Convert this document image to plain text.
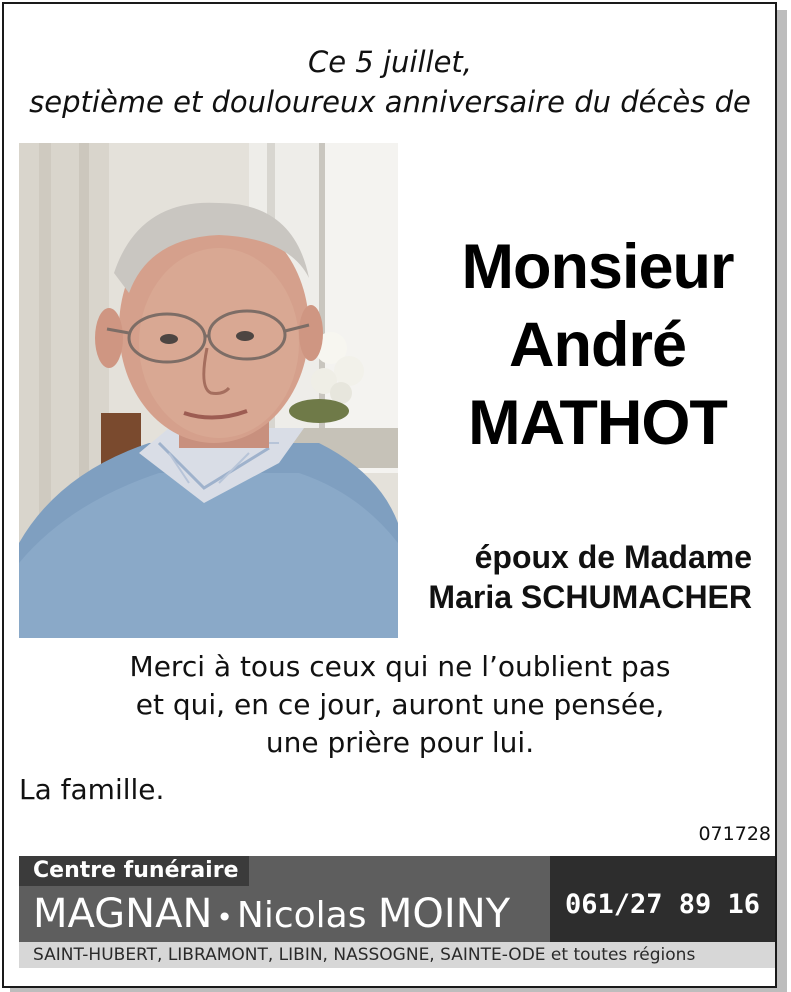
Ce 5 juillet,
septième et douloureux anniversaire du décès de
Monsieur
André
MATHOT
époux de Madame
Maria SCHUMACHER
Merci à tous ceux qui ne l’oublient pas
et qui, en ce jour, auront une pensée,
une prière pour lui.
La famille.
071728
Centre funéraire
MAGNAN • Nicolas MOINY	061/27 89 16
SAINT-HUBERT, LIBRAMONT, LIBIN, NASSOGNE, SAINTE-ODE et toutes régions
